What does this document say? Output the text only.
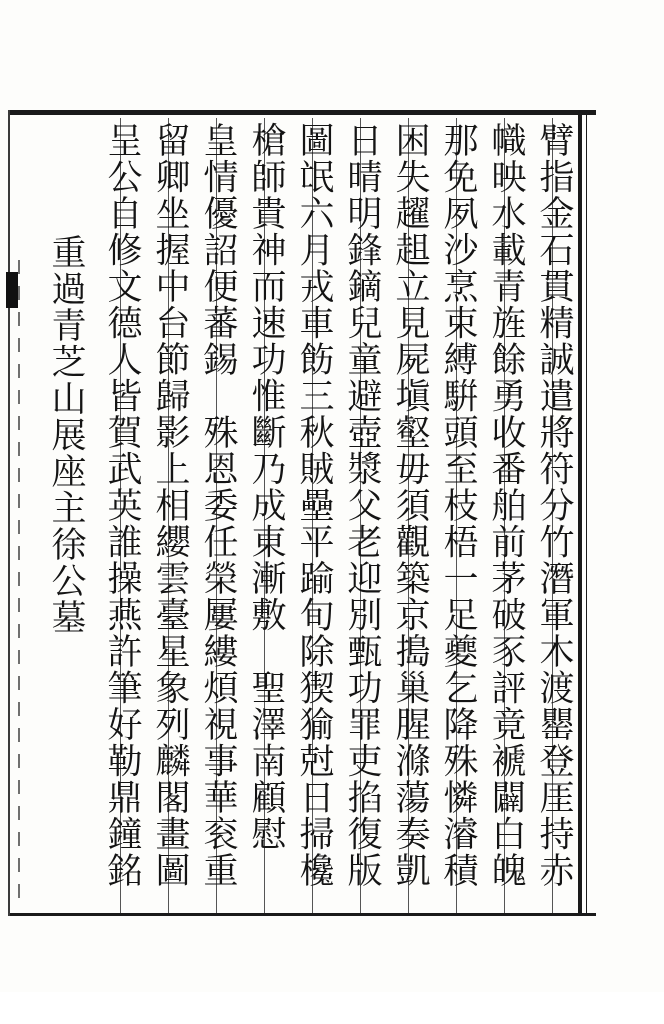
臂指金石貫精誠遣將符分竹潛軍木渡罌登厓持赤
幟映水載青旌餘勇收番舶前茅破豕評竟褫闢白魄
那免夙沙烹束縛騈頭至枝梧一足夔乞降殊憐濬積
困失趯趄立見屍塡壑毋須觀築京搗巢腥滌蕩奏凱
日晴明鋒鏑兒童避壺漿父老迎別甄功罪吏掐復版
圖氓六月戎車飭三秋賊壘平踰旬除猰㺄尅日掃欃
槍師貴神而速功惟斷乃成東漸敷　聖澤南顧慰
皇情優詔便蕃錫　殊恩委任榮屢縷煩視事華衮重
留卿坐握中台節歸影上相纓雲臺星象列麟閣畫圖
呈公自修文德人皆賀武英誰操燕許筆好勒鼎鐘銘
重過青芝山展座主徐公墓
